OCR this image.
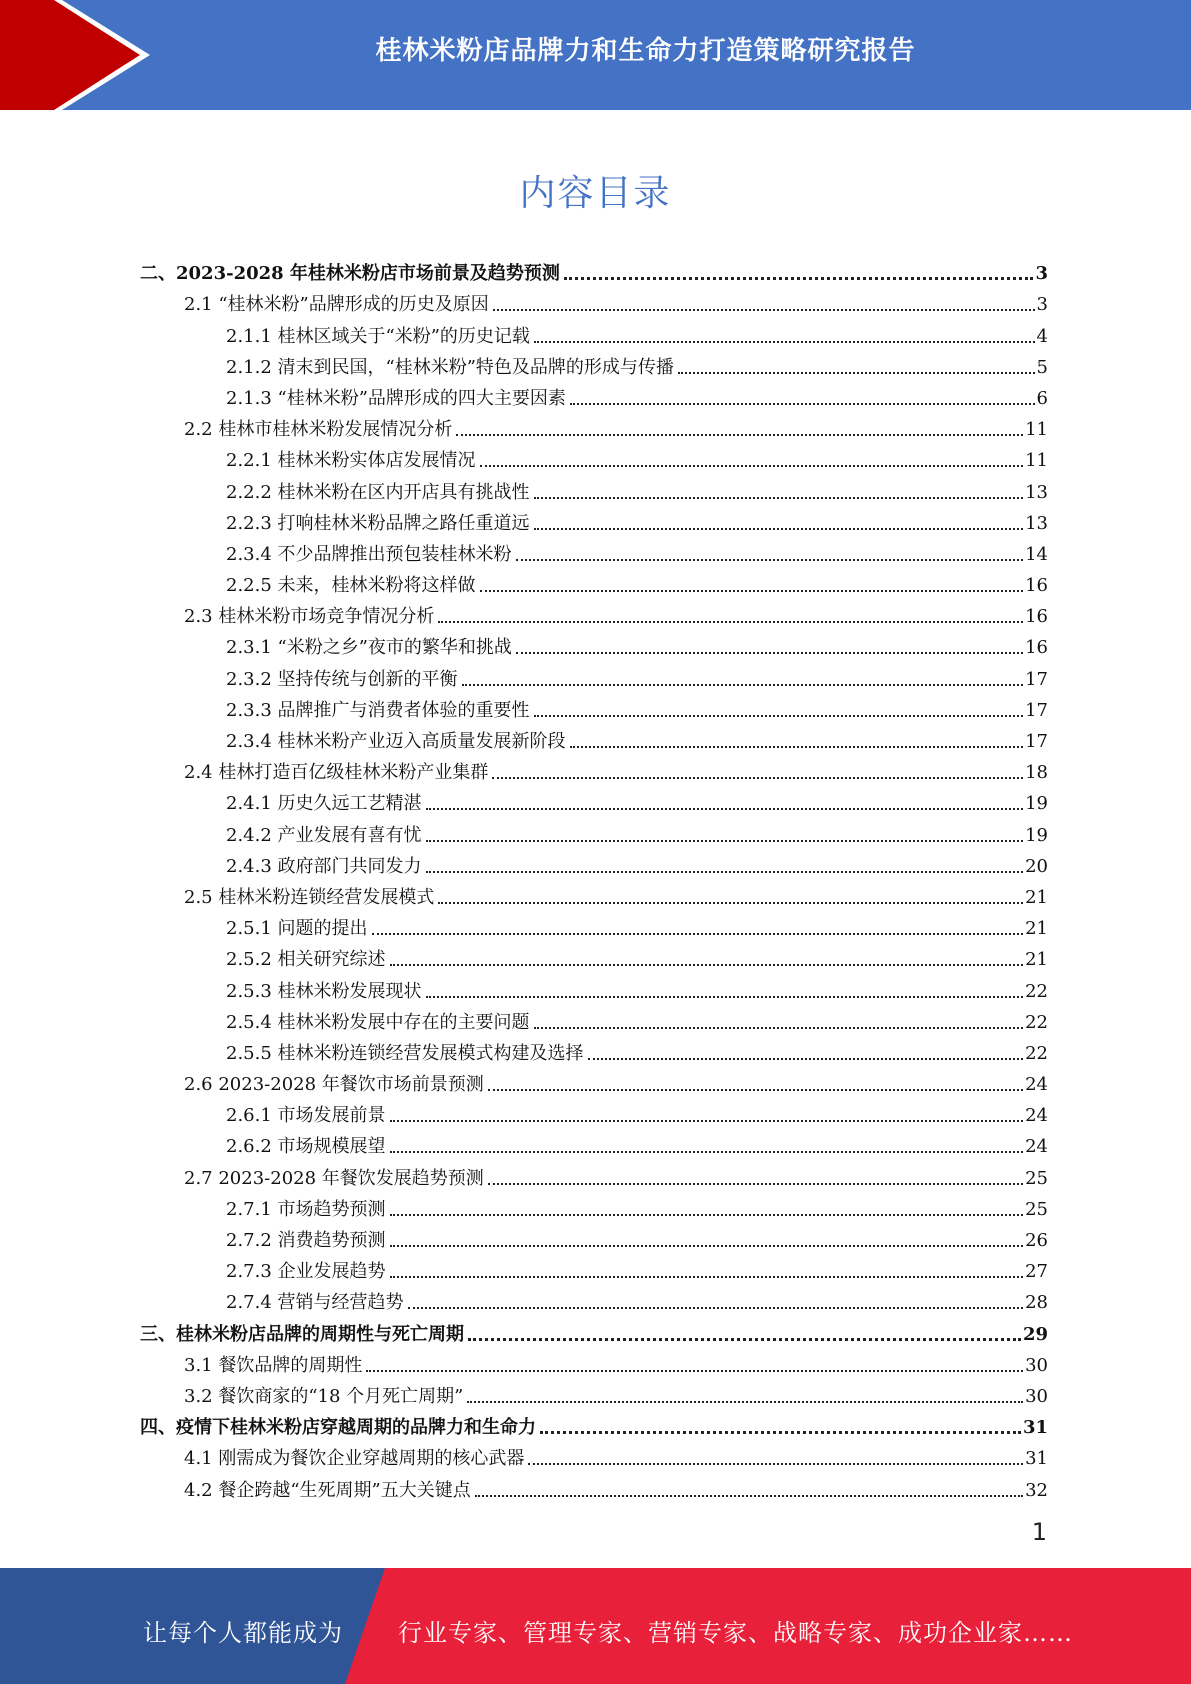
桂林米粉店品牌力和生命力打造策略研究报告
内容目录
二、2023-2028 年桂林米粉店市场前景及趋势预测	3
2.1 “桂林米粉”品牌形成的历史及原因	3
2.1.1 桂林区域关于“米粉”的历史记载	4
2.1.2 清末到民国，“桂林米粉”特色及品牌的形成与传播	5
2.1.3 “桂林米粉”品牌形成的四大主要因素	6
2.2 桂林市桂林米粉发展情况分析	11
2.2.1 桂林米粉实体店发展情况	11
2.2.2 桂林米粉在区内开店具有挑战性	13
2.2.3 打响桂林米粉品牌之路任重道远	13
2.3.4 不少品牌推出预包装桂林米粉	14
2.2.5 未来，桂林米粉将这样做	16
2.3 桂林米粉市场竞争情况分析	16
2.3.1 “米粉之乡”夜市的繁华和挑战	16
2.3.2 坚持传统与创新的平衡	17
2.3.3 品牌推广与消费者体验的重要性	17
2.3.4 桂林米粉产业迈入高质量发展新阶段	17
2.4 桂林打造百亿级桂林米粉产业集群	18
2.4.1 历史久远工艺精湛	19
2.4.2 产业发展有喜有忧	19
2.4.3 政府部门共同发力	20
2.5 桂林米粉连锁经营发展模式	21
2.5.1 问题的提出	21
2.5.2 相关研究综述	21
2.5.3 桂林米粉发展现状	22
2.5.4 桂林米粉发展中存在的主要问题	22
2.5.5 桂林米粉连锁经营发展模式构建及选择	22
2.6 2023-2028 年餐饮市场前景预测	24
2.6.1 市场发展前景	24
2.6.2 市场规模展望	24
2.7 2023-2028 年餐饮发展趋势预测	25
2.7.1 市场趋势预测	25
2.7.2 消费趋势预测	26
2.7.3 企业发展趋势	27
2.7.4 营销与经营趋势	28
三、桂林米粉店品牌的周期性与死亡周期	29
3.1 餐饮品牌的周期性	30
3.2 餐饮商家的“18 个月死亡周期”	30
四、疫情下桂林米粉店穿越周期的品牌力和生命力	31
4.1 刚需成为餐饮企业穿越周期的核心武器	31
4.2 餐企跨越“生死周期”五大关键点	32
1
让每个人都能成为 行业专家、管理专家、营销专家、战略专家、成功企业家……
